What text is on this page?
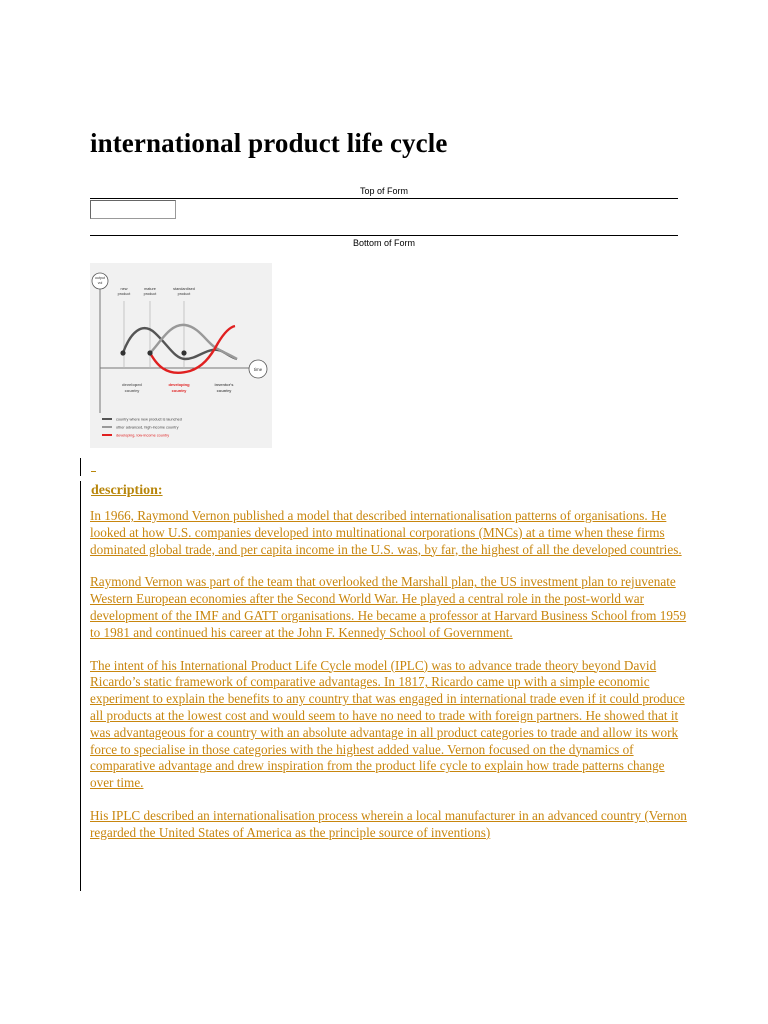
international product life cycle
Top of Form
Bottom of Form
output
vol
new
product
mature
product
standardised
product
time
developed
country
developing
country
inventor's
country
country where new product is launched
other advanced, high-income country
developing, low-income country
description:

In 1966, Raymond Vernon published a model that described internationalisation patterns of organisations. He looked at how U.S. companies developed into multinational corporations (MNCs) at a time when these firms dominated global trade, and per capita income in the U.S. was, by far, the highest of all the developed countries.

Raymond Vernon was part of the team that overlooked the Marshall plan, the US investment plan to rejuvenate Western European economies after the Second World War. He played a central role in the post-world war development of the IMF and GATT organisations. He became a professor at Harvard Business School from 1959 to 1981 and continued his career at the John F. Kennedy School of Government.

The intent of his International Product Life Cycle model (IPLC) was to advance trade theory beyond David Ricardo’s static framework of comparative advantages. In 1817, Ricardo came up with a simple economic experiment to explain the benefits to any country that was engaged in international trade even if it could produce all products at the lowest cost and would seem to have no need to trade with foreign partners. He showed that it was advantageous for a country with an absolute advantage in all product categories to trade and allow its work force to specialise in those categories with the highest added value. Vernon focused on the dynamics of comparative advantage and drew inspiration from the product life cycle to explain how trade patterns change over time.

His IPLC described an internationalisation process wherein a local manufacturer in an advanced country (Vernon regarded the United States of America as the principle source of inventions)
